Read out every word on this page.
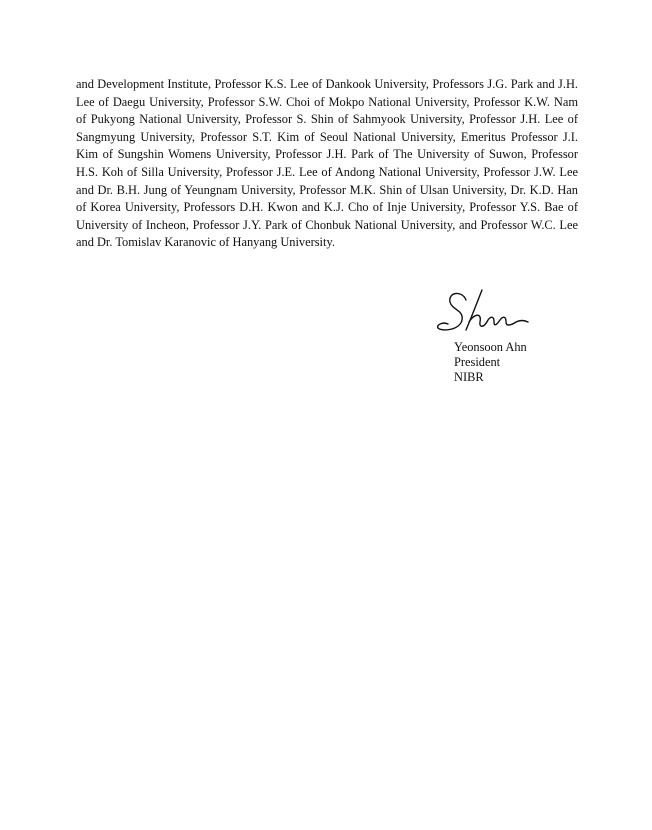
and Development Institute, Professor K.S. Lee of Dankook University, Professors J.G. Park and J.H. Lee of Daegu University, Professor S.W. Choi of Mokpo National University, Professor K.W. Nam of Pukyong National University, Professor S. Shin of Sahmyook University, Professor J.H. Lee of Sangmyung University, Professor S.T. Kim of Seoul National University, Emeritus Professor J.I. Kim of Sungshin Womens University, Professor J.H. Park of The University of Suwon, Professor H.S. Koh of Silla University, Professor J.E. Lee of Andong National University, Professor J.W. Lee and Dr. B.H. Jung of Yeungnam University, Professor M.K. Shin of Ulsan University, Dr. K.D. Han of Korea University, Professors D.H. Kwon and K.J. Cho of Inje University, Professor Y.S. Bae of University of Incheon, Professor J.Y. Park of Chonbuk National University, and Professor W.C. Lee and Dr. Tomislav Karanovic of Hanyang University.

Yeonsoon Ahn
President
NIBR
